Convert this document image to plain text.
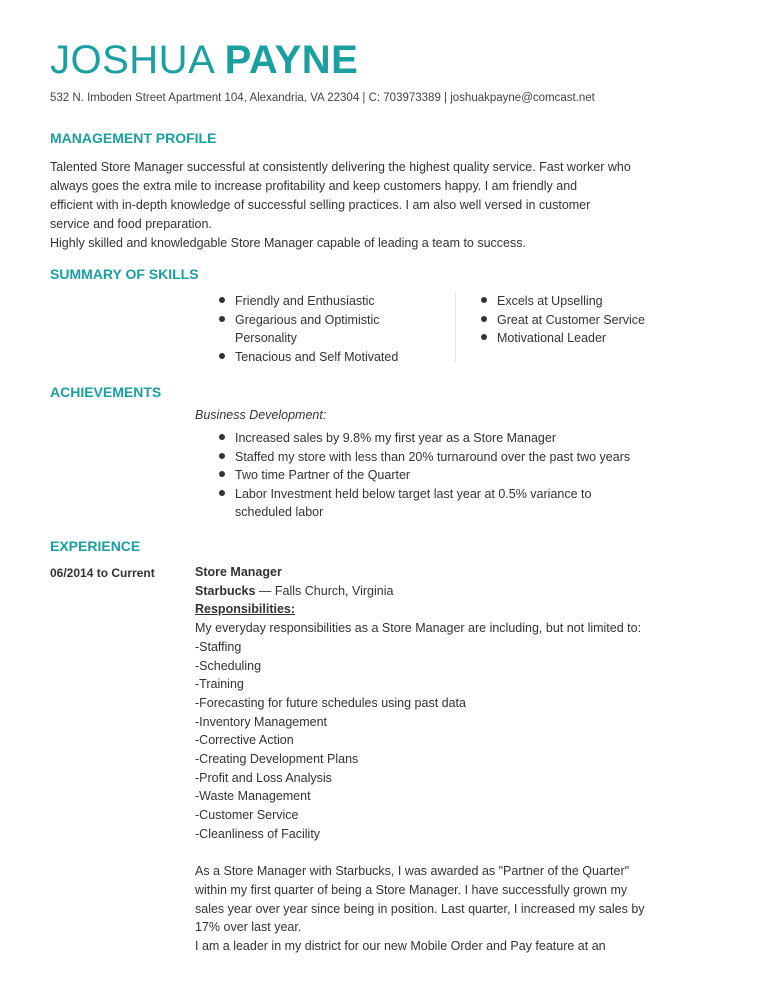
JOSHUA PAYNE
532 N. Imboden Street Apartment 104, Alexandria, VA 22304 | C: 703973389 | joshuakpayne@comcast.net
MANAGEMENT PROFILE

Talented Store Manager successful at consistently delivering the highest quality service. Fast worker who

always goes the extra mile to increase profitability and keep customers happy. I am friendly and

efficient with in-depth knowledge of successful selling practices. I am also well versed in customer

service and food preparation.

Highly skilled and knowledgable Store Manager capable of leading a team to success.

SUMMARY OF SKILLS
Friendly and Enthusiastic
Gregarious and Optimistic Personality
Tenacious and Self Motivated
Excels at Upselling
Great at Customer Service
Motivational Leader
ACHIEVEMENTS
Business Development:
Increased sales by 9.8% my first year as a Store Manager
Staffed my store with less than 20% turnaround over the past two years
Two time Partner of the Quarter
Labor Investment held below target last year at 0.5% variance to scheduled labor
EXPERIENCE
06/2014 to Current	Store Manager
Starbucks — Falls Church, Virginia
Responsibilities:
My everyday responsibilities as a Store Manager are including, but not limited to:
-Staffing
-Scheduling
-Training
-Forecasting for future schedules using past data
-Inventory Management
-Corrective Action
-Creating Development Plans
-Profit and Loss Analysis
-Waste Management
-Customer Service
-Cleanliness of Facility
As a Store Manager with Starbucks, I was awarded as "Partner of the Quarter"
within my first quarter of being a Store Manager. I have successfully grown my
sales year over year since being in position. Last quarter, I increased my sales by
17% over last year.
I am a leader in my district for our new Mobile Order and Pay feature at an
